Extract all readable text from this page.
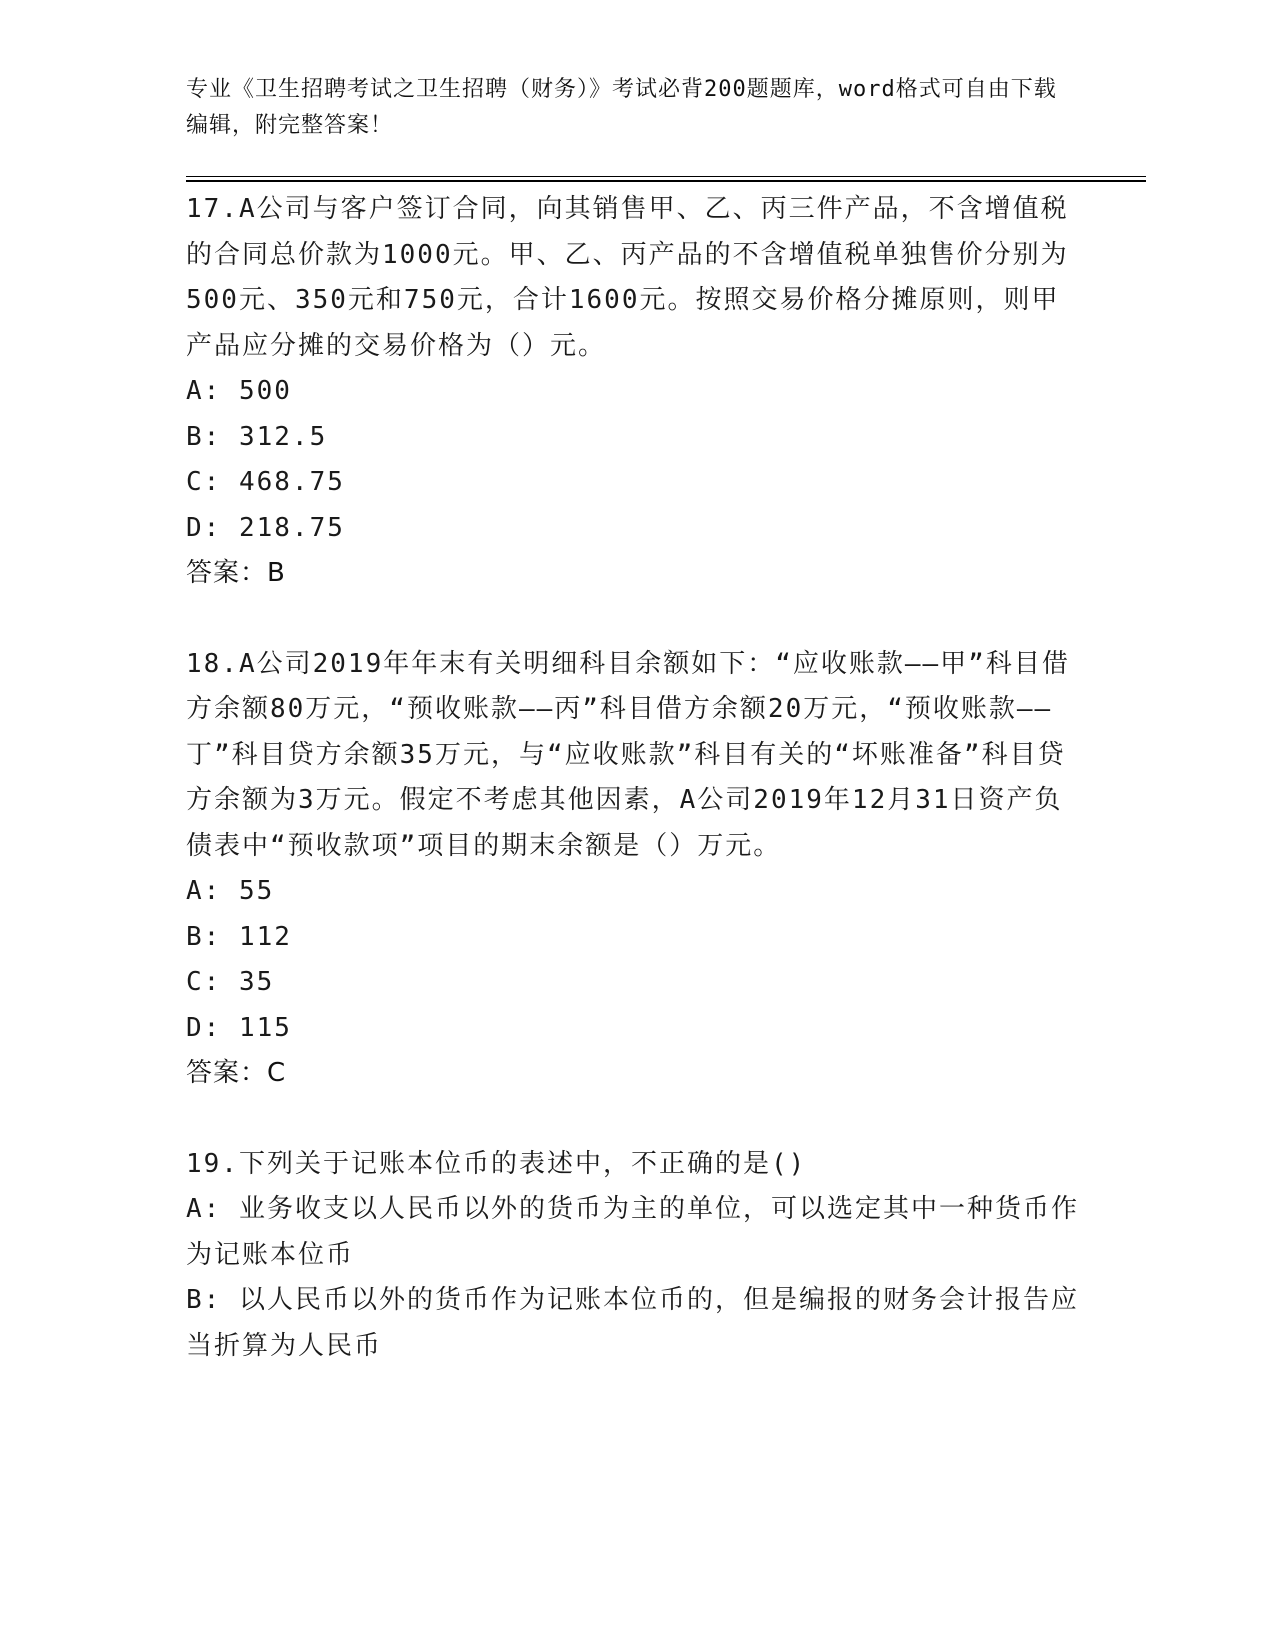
专业《卫生招聘考试之卫生招聘（财务）》考试必背200题题库，word格式可自由下载编辑，附完整答案！
17.A公司与客户签订合同，向其销售甲、乙、丙三件产品，不含增值税的合同总价款为1000元。甲、乙、丙产品的不含增值税单独售价分别为500元、350元和750元，合计1600元。按照交易价格分摊原则，则甲产品应分摊的交易价格为（）元。
A: 500
B: 312.5
C: 468.75
D: 218.75
答案：B
18.A公司2019年年末有关明细科目余额如下：“应收账款——甲”科目借方余额80万元，“预收账款——丙”科目借方余额20万元，“预收账款——丁”科目贷方余额35万元，与“应收账款”科目有关的“坏账准备”科目贷方余额为3万元。假定不考虑其他因素，A公司2019年12月31日资产负债表中“预收款项”项目的期末余额是（）万元。
A: 55
B: 112
C: 35
D: 115
答案：C
19.下列关于记账本位币的表述中，不正确的是()
A: 业务收支以人民币以外的货币为主的单位，可以选定其中一种货币作为记账本位币
B: 以人民币以外的货币作为记账本位币的，但是编报的财务会计报告应当折算为人民币
